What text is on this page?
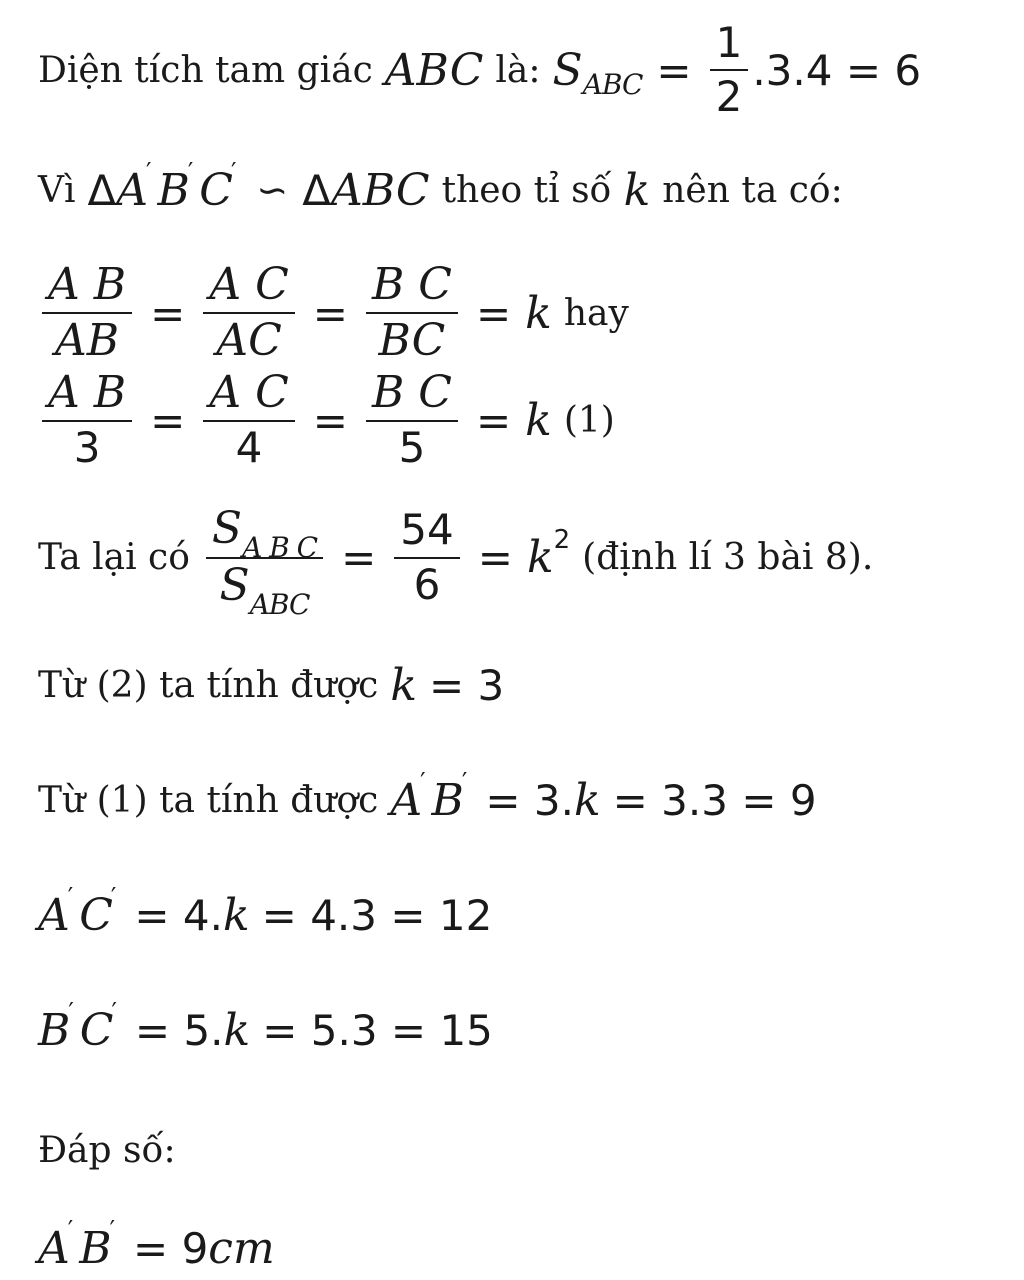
Diện tích tam giác ABC là: S ABC = $\frac{1}{2} .3.4 = 6$
Vì Δ A
′ B
′ C
′ ∽ Δ ABC theo tỉ số k nên ta có:
$\frac{\text{A B}}{AB} = \frac{\text{A C}}{AC} = \frac{\text{B C}}{BC} = k$ hay
$\frac{\text{A B}}{3} = \frac{\text{A C}}{4} = \frac{\text{B C}}{5} = k$ (1)
Ta lại có $\frac{\text{SA B C}}{\text{SABC}} = \frac{54}{6} = k$ 2 (định lí 3 bài 8).
Từ (2) ta tính được k = 3
Từ (1) ta tính được A
′ B
′ = 3. k = 3.3 = 9
A
′ C
′ = 4. k = 4.3 = 12
B
′ C
′ = 5. k = 5.3 = 15
Đáp số:
A
′ B
′ = 9 cm
